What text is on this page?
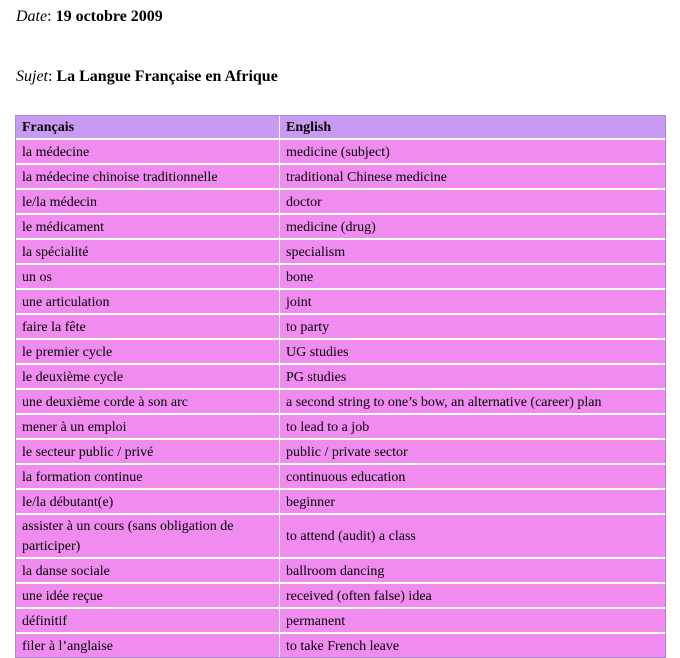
Date: 19 octobre 2009
Sujet: La Langue Française en Afrique
Français	English
la médecine	medicine (subject)
la médecine chinoise traditionnelle	traditional Chinese medicine
le/la médecin	doctor
le médicament	medicine (drug)
la spécialité	specialism
un os	bone
une articulation	joint
faire la fête	to party
le premier cycle	UG studies
le deuxième cycle	PG studies
une deuxième corde à son arc	a second string to one’s bow, an alternative (career) plan
mener à un emploi	to lead to a job
le secteur public / privé	public / private sector
la formation continue	continuous education
le/la débutant(e)	beginner
assister à un cours (sans obligation de participer)	to attend (audit) a class
la danse sociale	ballroom dancing
une idée reçue	received (often false) idea
définitif	permanent
filer à l’anglaise	to take French leave
